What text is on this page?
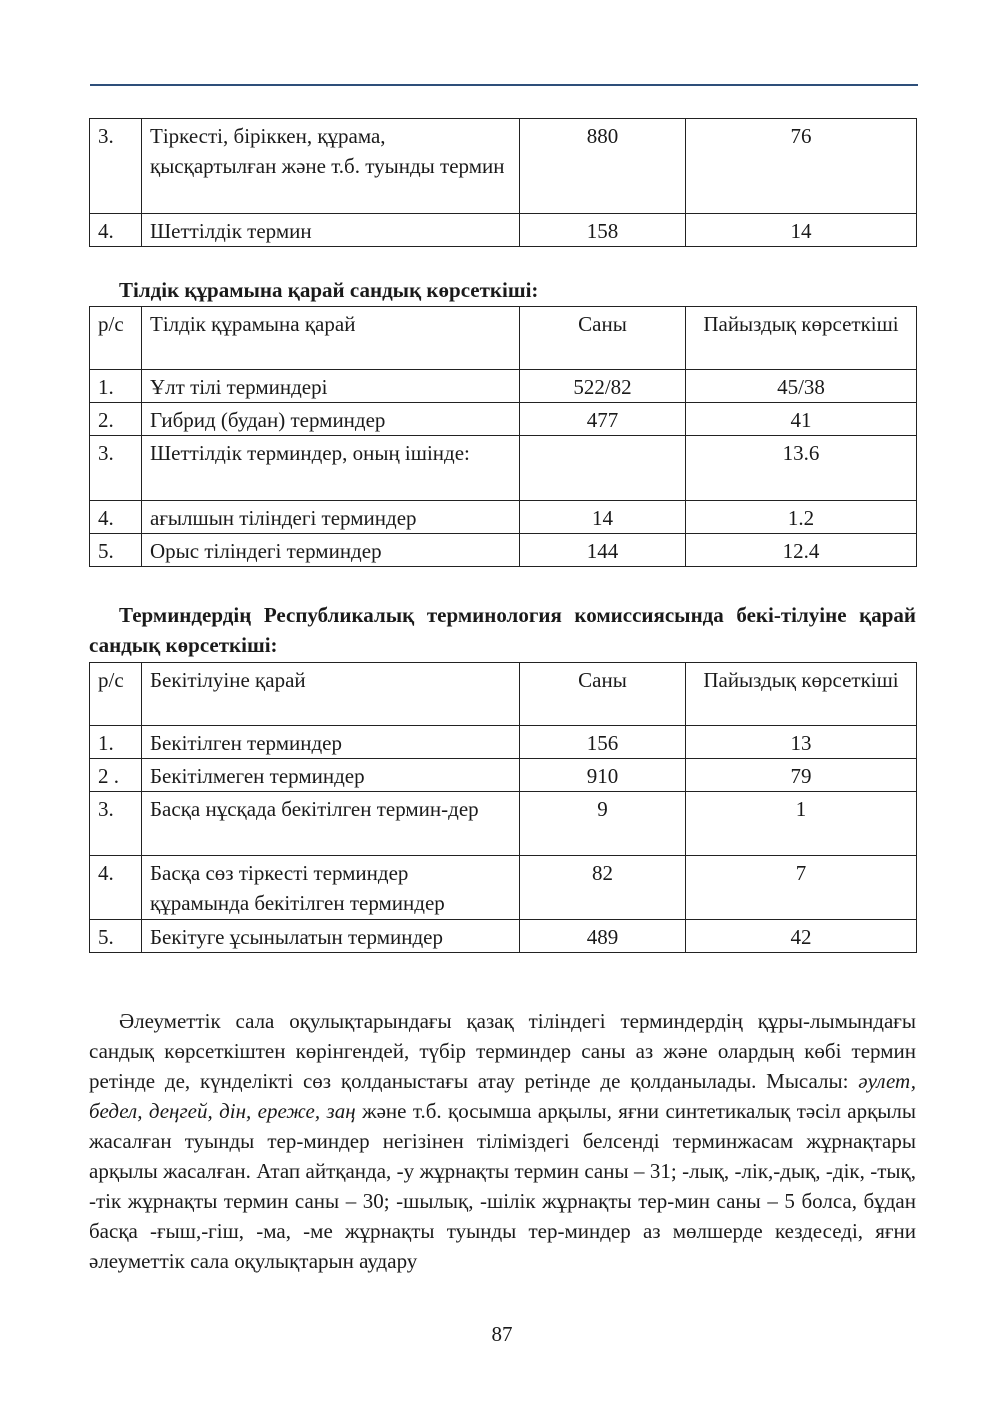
3.	Тіркесті, біріккен, құрама, қысқартылған және т.б. туынды термин	880	76
4.	Шеттілдік термин	158	14
Тілдік құрамына қарай сандық көрсеткіші:
р/с	Тілдік құрамына қарай	Саны	Пайыздық көрсеткіші
1.	Ұлт тілі терминдері	522/82	45/38
2.	Гибрид (будан) терминдер	477	41
3.	Шеттілдік терминдер, оның ішінде:		13.6
4.	ағылшын тіліндегі терминдер	14	1.2
5.	Орыс тіліндегі терминдер	144	12.4
Терминдердің Республикалық терминология комиссиясында бекі-тілуіне қарай сандық көрсеткіші:
р/с	Бекітілуіне қарай	Саны	Пайыздық көрсеткіші
1.	Бекітілген терминдер	156	13
2 .	Бекітілмеген терминдер	910	79
3.	Басқа нұсқада бекітілген термин-дер	9	1
4.	Басқа сөз тіркесті терминдер құрамында бекітілген терминдер	82	7
5.	Бекітуге ұсынылатын терминдер	489	42

Әлеуметтік сала оқулықтарындағы қазақ тіліндегі терминдердің құры-лымындағы сандық көрсеткіштен көрінгендей, түбір терминдер саны аз және олардың көбі термин ретінде де, күнделікті сөз қолданыстағы атау ретінде де қолданылады. Мысалы: әулет, бедел, деңгей, дін, ереже, заң және т.б. қосымша арқылы, яғни синтетикалық тәсіл арқылы жасалған туынды тер-миндер негізінен тіліміздегі белсенді терминжасам жұрнақтары арқылы жасалған. Атап айтқанда, -у жұрнақты термин саны – 31; -лық, -лік,-дық, -дік, -тық, -тік жұрнақты термин саны – 30; -шылық, -шілік жұрнақты тер-мин саны – 5 болса, бұдан басқа -ғыш,-гіш, -ма, -ме жұрнақты туынды тер-миндер аз мөлшерде кездеседі, яғни әлеуметтік сала оқулықтарын аудару

87
